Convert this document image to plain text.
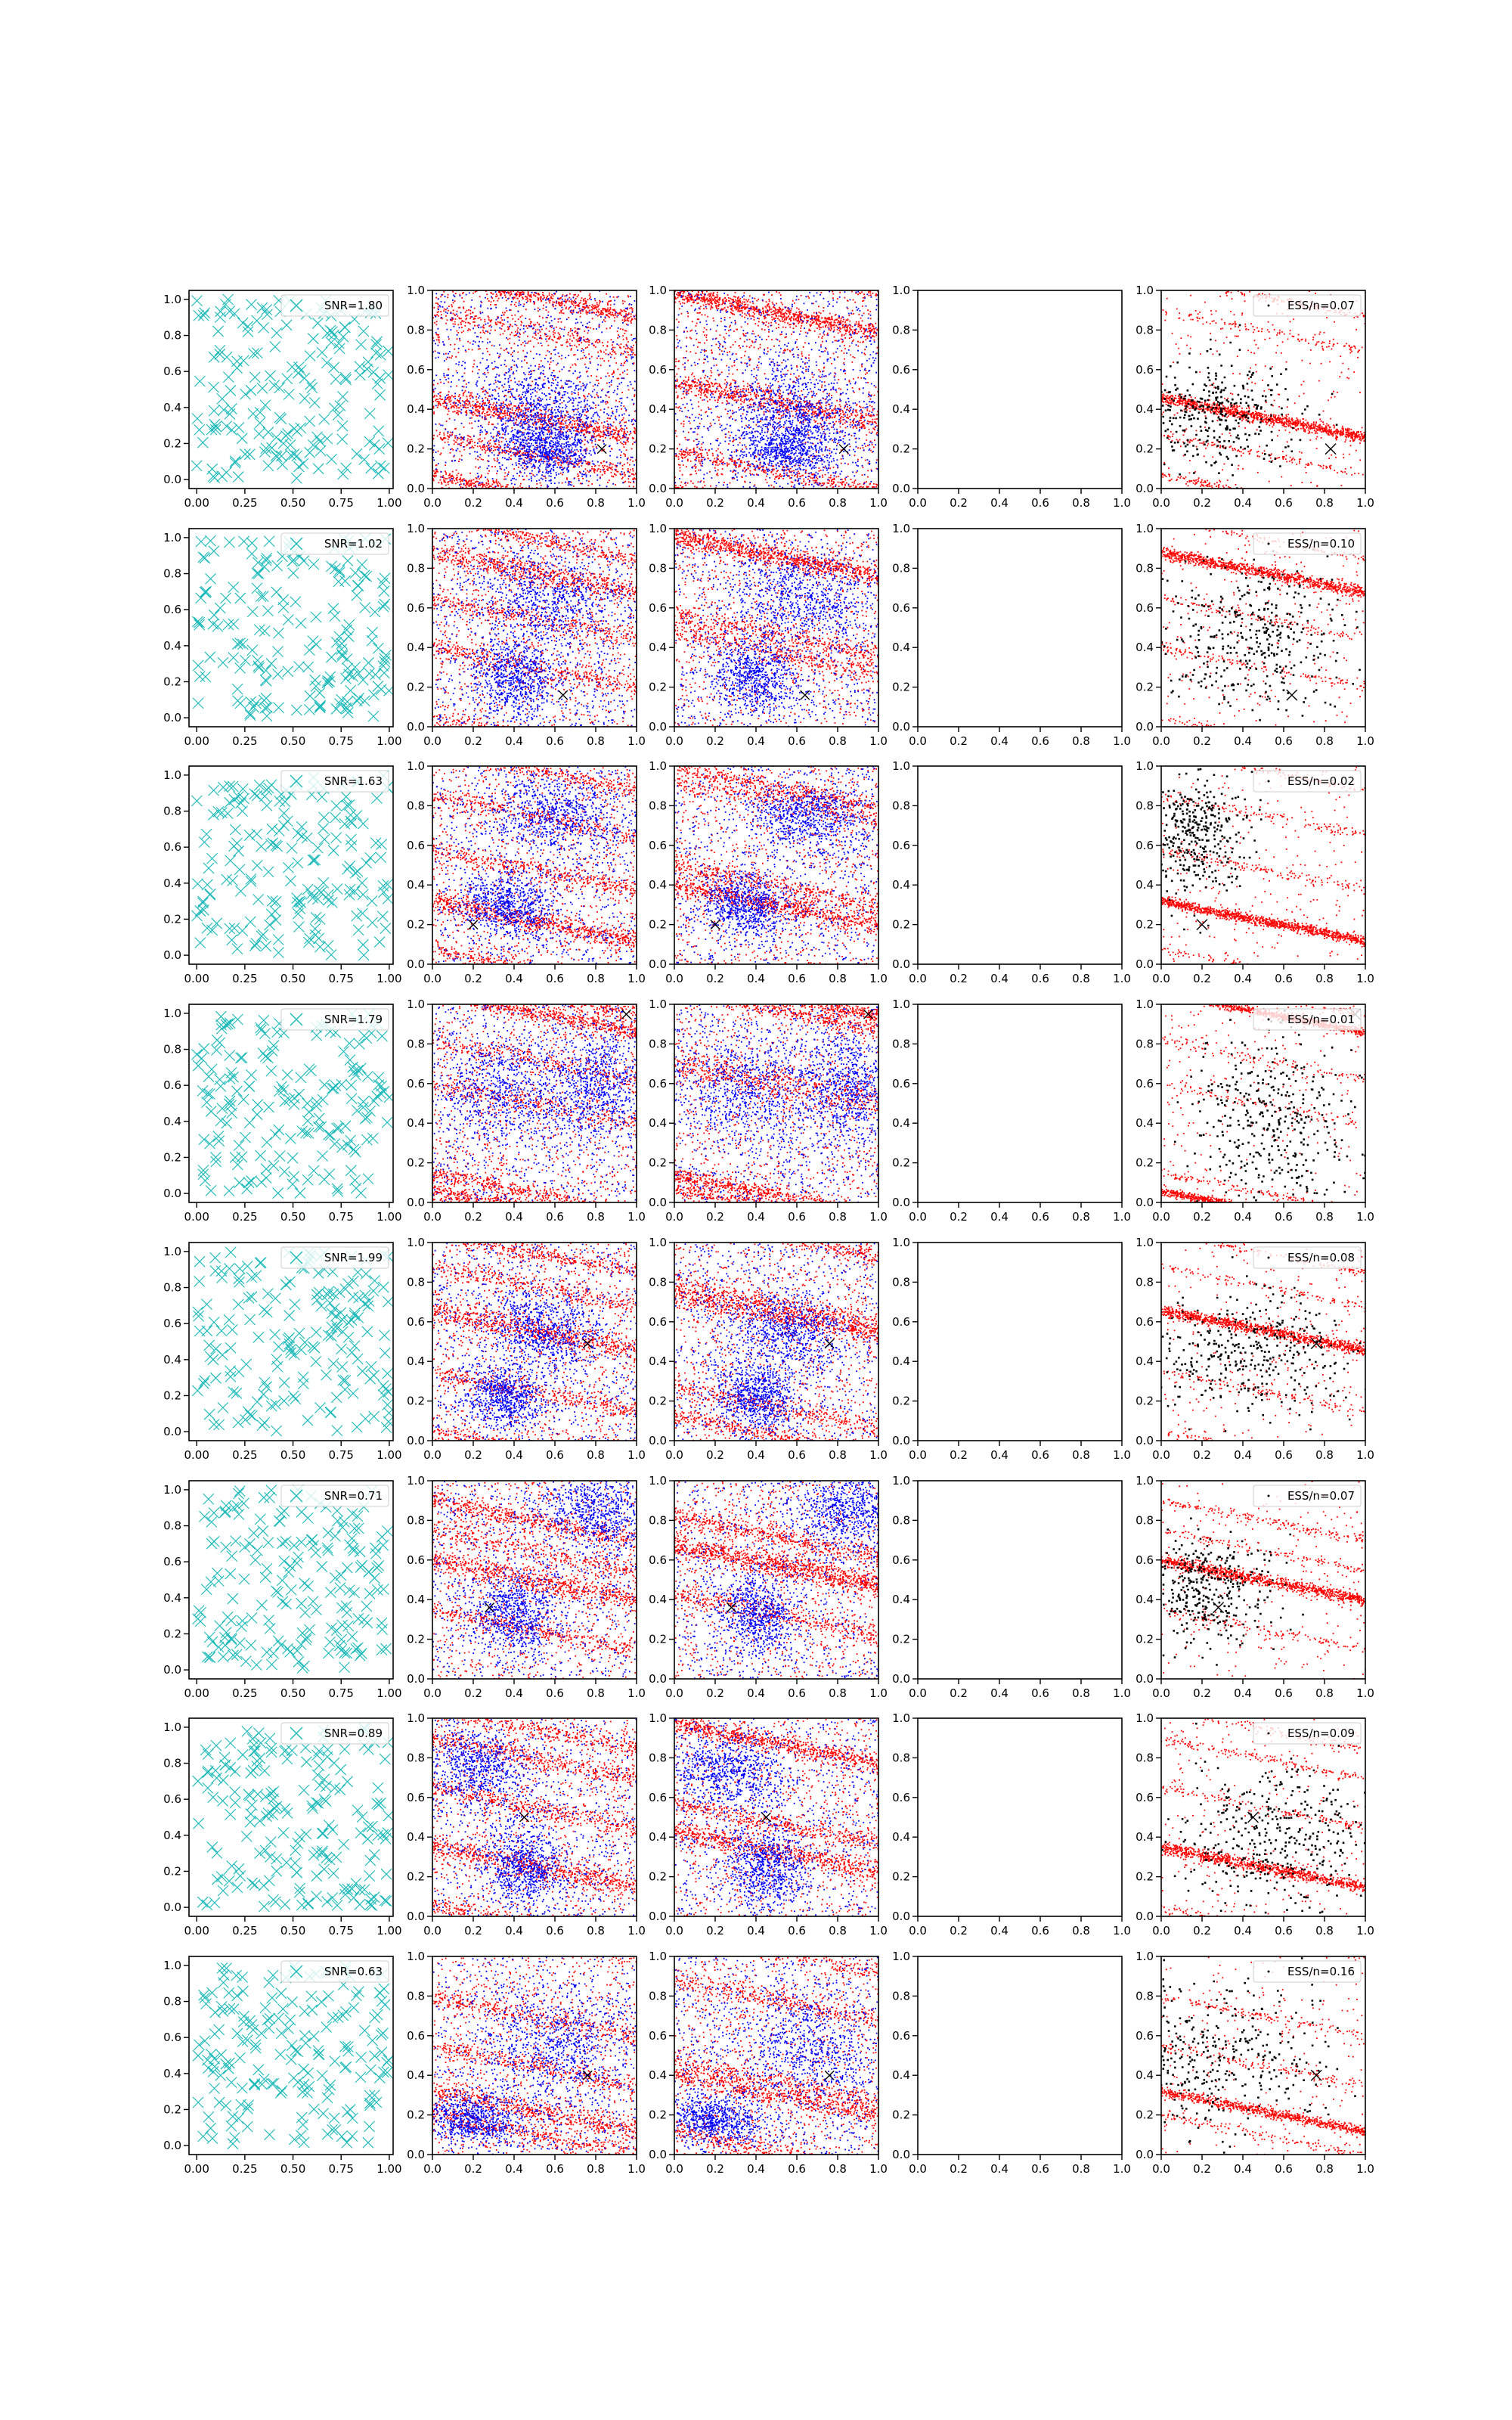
0.00 0.25 0.50 0.75 1.00
0.0
0.2
0.4
0.6
0.8
1.0	SNR=1.80
0.0 0.2 0.4 0.6 0.8 1.0
0.0
0.2
0.4
0.6
0.8
1.0
0.0 0.2 0.4 0.6 0.8 1.0
0.0
0.2
0.4
0.6
0.8
1.0
0.0 0.2 0.4 0.6 0.8 1.0
0.0
0.2
0.4
0.6
0.8
1.0
0.0 0.2 0.4 0.6 0.8 1.0
0.0
0.2
0.4
0.6
0.8
1.0
ESS/n=0.07
0.00 0.25 0.50 0.75 1.00
0.0
0.2
0.4
0.6
0.8
1.0	SNR=1.02
0.0 0.2 0.4 0.6 0.8 1.0
0.0
0.2
0.4
0.6
0.8
1.0
0.0 0.2 0.4 0.6 0.8 1.0
0.0
0.2
0.4
0.6
0.8
1.0
0.0 0.2 0.4 0.6 0.8 1.0
0.0
0.2
0.4
0.6
0.8
1.0
0.0 0.2 0.4 0.6 0.8 1.0
0.0
0.2
0.4
0.6
0.8
1.0
ESS/n=0.10
0.00 0.25 0.50 0.75 1.00
0.0
0.2
0.4
0.6
0.8
1.0	SNR=1.63
0.0 0.2 0.4 0.6 0.8 1.0
0.0
0.2
0.4
0.6
0.8
1.0
0.0 0.2 0.4 0.6 0.8 1.0
0.0
0.2
0.4
0.6
0.8
1.0
0.0 0.2 0.4 0.6 0.8 1.0
0.0
0.2
0.4
0.6
0.8
1.0
0.0 0.2 0.4 0.6 0.8 1.0
0.0
0.2
0.4
0.6
0.8
1.0
ESS/n=0.02
0.00 0.25 0.50 0.75 1.00
0.0
0.2
0.4
0.6
0.8
1.0	SNR=1.79
0.0 0.2 0.4 0.6 0.8 1.0
0.0
0.2
0.4
0.6
0.8
1.0
0.0 0.2 0.4 0.6 0.8 1.0
0.0
0.2
0.4
0.6
0.8
1.0
0.0 0.2 0.4 0.6 0.8 1.0
0.0
0.2
0.4
0.6
0.8
1.0
0.0 0.2 0.4 0.6 0.8 1.0
0.0
0.2
0.4
0.6
0.8
1.0
ESS/n=0.01
0.00 0.25 0.50 0.75 1.00
0.0
0.2
0.4
0.6
0.8
1.0	SNR=1.99
0.0 0.2 0.4 0.6 0.8 1.0
0.0
0.2
0.4
0.6
0.8
1.0
0.0 0.2 0.4 0.6 0.8 1.0
0.0
0.2
0.4
0.6
0.8
1.0
0.0 0.2 0.4 0.6 0.8 1.0
0.0
0.2
0.4
0.6
0.8
1.0
0.0 0.2 0.4 0.6 0.8 1.0
0.0
0.2
0.4
0.6
0.8
1.0
ESS/n=0.08
0.00 0.25 0.50 0.75 1.00
0.0
0.2
0.4
0.6
0.8
1.0	SNR=0.71
0.0 0.2 0.4 0.6 0.8 1.0
0.0
0.2
0.4
0.6
0.8
1.0
0.0 0.2 0.4 0.6 0.8 1.0
0.0
0.2
0.4
0.6
0.8
1.0
0.0 0.2 0.4 0.6 0.8 1.0
0.0
0.2
0.4
0.6
0.8
1.0
0.0 0.2 0.4 0.6 0.8 1.0
0.0
0.2
0.4
0.6
0.8
1.0
ESS/n=0.07
0.00 0.25 0.50 0.75 1.00
0.0
0.2
0.4
0.6
0.8
1.0	SNR=0.89
0.0 0.2 0.4 0.6 0.8 1.0
0.0
0.2
0.4
0.6
0.8
1.0
0.0 0.2 0.4 0.6 0.8 1.0
0.0
0.2
0.4
0.6
0.8
1.0
0.0 0.2 0.4 0.6 0.8 1.0
0.0
0.2
0.4
0.6
0.8
1.0
0.0 0.2 0.4 0.6 0.8 1.0
0.0
0.2
0.4
0.6
0.8
1.0
ESS/n=0.09
0.00 0.25 0.50 0.75 1.00
0.0
0.2
0.4
0.6
0.8
1.0	SNR=0.63
0.0 0.2 0.4 0.6 0.8 1.0
0.0
0.2
0.4
0.6
0.8
1.0
0.0 0.2 0.4 0.6 0.8 1.0
0.0
0.2
0.4
0.6
0.8
1.0
0.0 0.2 0.4 0.6 0.8 1.0
0.0
0.2
0.4
0.6
0.8
1.0
0.0 0.2 0.4 0.6 0.8 1.0
0.0
0.2
0.4
0.6
0.8
1.0
ESS/n=0.16
